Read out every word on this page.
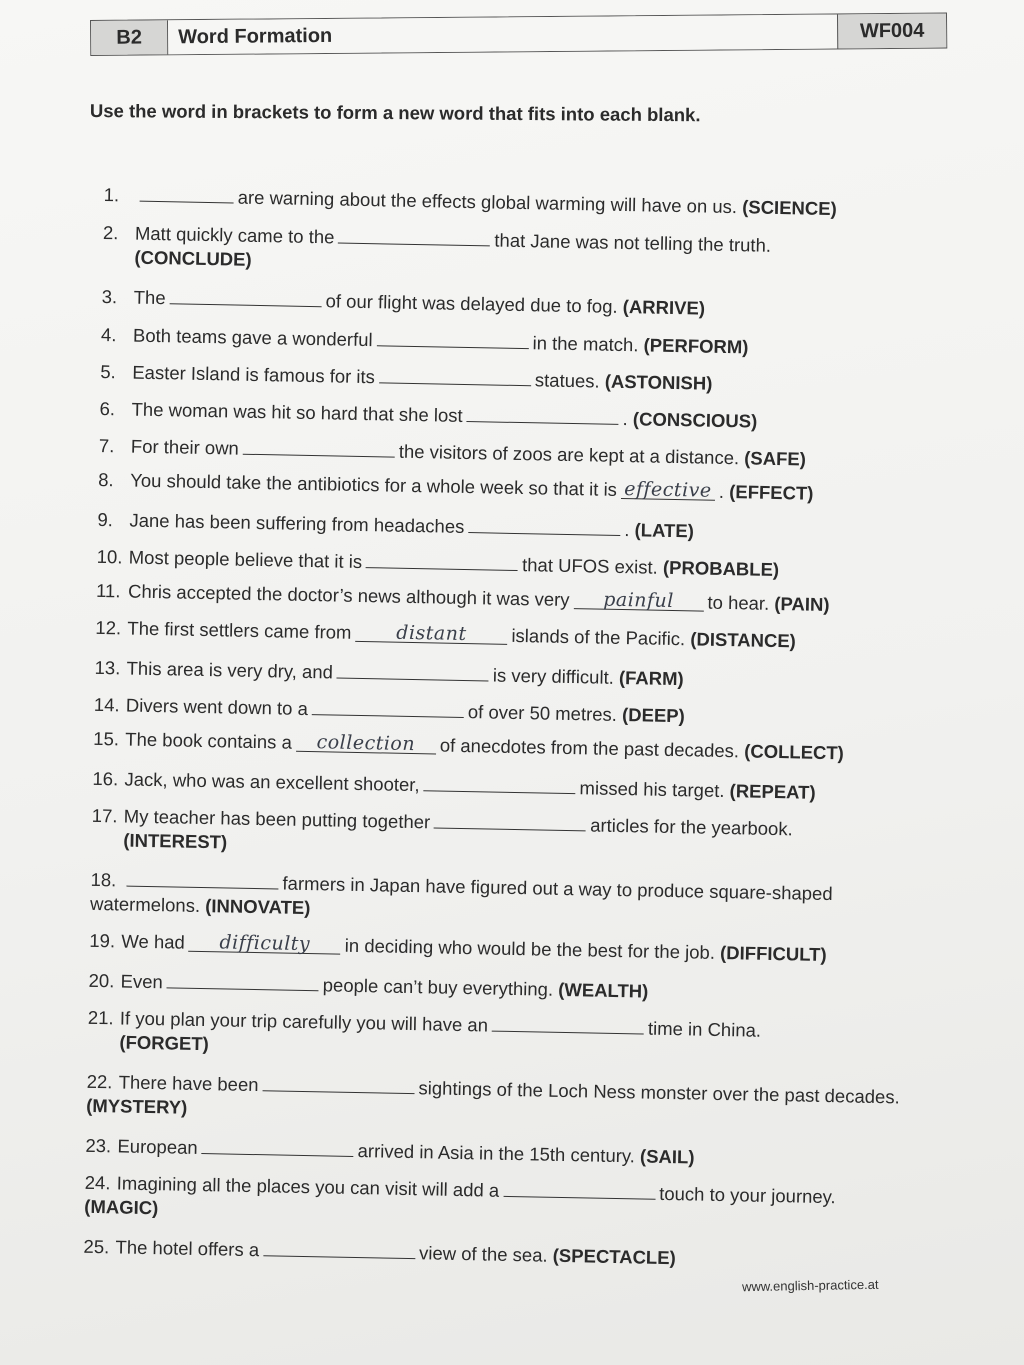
B2	Word Formation	WF004
Use the word in brackets to form a new word that fits into each blank.
1.	are warning about the effects global warming will have on us. (SCIENCE)
2. Matt quickly came to the	that Jane was not telling the truth.
(CONCLUDE)
3. The	of our flight was delayed due to fog. (ARRIVE)
4. Both teams gave a wonderful	in the match. (PERFORM)
5. Easter Island is famous for its	statues. (ASTONISH)
6. The woman was hit so hard that she lost	. (CONSCIOUS)
7. For their own	the visitors of zoos are kept at a distance. (SAFE)
8. You should take the antibiotics for a whole week so that it is effective . (EFFECT)
9. Jane has been suffering from headaches	. (LATE)
10. Most people believe that it is	that UFOS exist. (PROBABLE)
11. Chris accepted the doctor’s news although it was very painful to hear. (PAIN)
12. The first settlers came from distant islands of the Pacific. (DISTANCE)
13. This area is very dry, and	is very difficult. (FARM)
14. Divers went down to a	of over 50 metres. (DEEP)
15. The book contains a collection of anecdotes from the past decades. (COLLECT)
16. Jack, who was an excellent shooter,	missed his target. (REPEAT)
17. My teacher has been putting together	articles for the yearbook.
(INTEREST)
18.	farmers in Japan have figured out a way to produce square-shaped watermelons. (INNOVATE)
19. We had difficulty in deciding who would be the best for the job. (DIFFICULT)
20. Even	people can’t buy everything. (WEALTH)
21. If you plan your trip carefully you will have an	time in China.
(FORGET)
22. There have been	sightings of the Loch Ness monster over the past decades. (MYSTERY)
23. European	arrived in Asia in the 15th century. (SAIL)
24. Imagining all the places you can visit will add a	touch to your journey. (MAGIC)
25. The hotel offers a	view of the sea. (SPECTACLE)
www.english-practice.at
